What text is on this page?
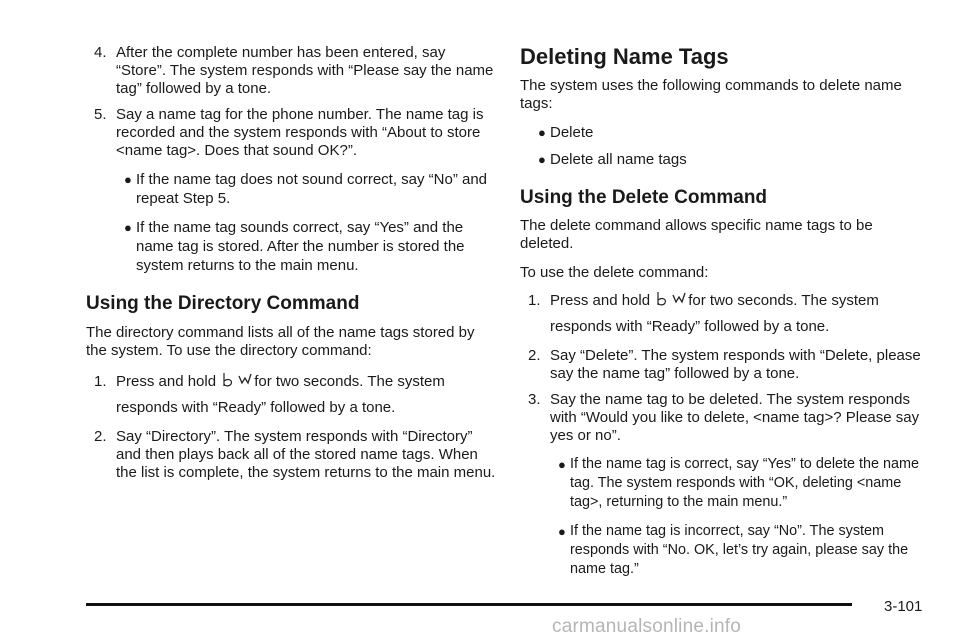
4. After the complete number has been entered, say “Store”. The system responds with “Please say the name tag” followed by a tone.
5. Say a name tag for the phone number. The name tag is recorded and the system responds with “About to store <name tag>. Does that sound OK?”.
● If the name tag does not sound correct, say “No” and repeat Step 5.
● If the name tag sounds correct, say “Yes” and the name tag is stored. After the number is stored the system returns to the main menu.
Using the Directory Command

The directory command lists all of the name tags stored by the system. To use the directory command:

1. Press and hold for two seconds. The system responds with “Ready” followed by a tone.
2. Say “Directory”. The system responds with “Directory” and then plays back all of the stored name tags. When the list is complete, the system returns to the main menu.
Deleting Name Tags

The system uses the following commands to delete name tags:

● Delete
● Delete all name tags
Using the Delete Command

The delete command allows specific name tags to be deleted.

To use the delete command:

1. Press and hold for two seconds. The system responds with “Ready” followed by a tone.
2. Say “Delete”. The system responds with “Delete, please say the name tag” followed by a tone.
3. Say the name tag to be deleted. The system responds with “Would you like to delete, <name tag>? Please say yes or no”.
● If the name tag is correct, say “Yes” to delete the name tag. The system responds with “OK, deleting <name tag>, returning to the main menu.”
● If the name tag is incorrect, say “No”. The system responds with “No. OK, let’s try again, please say the name tag.”
3-101
carmanualsonline.info
